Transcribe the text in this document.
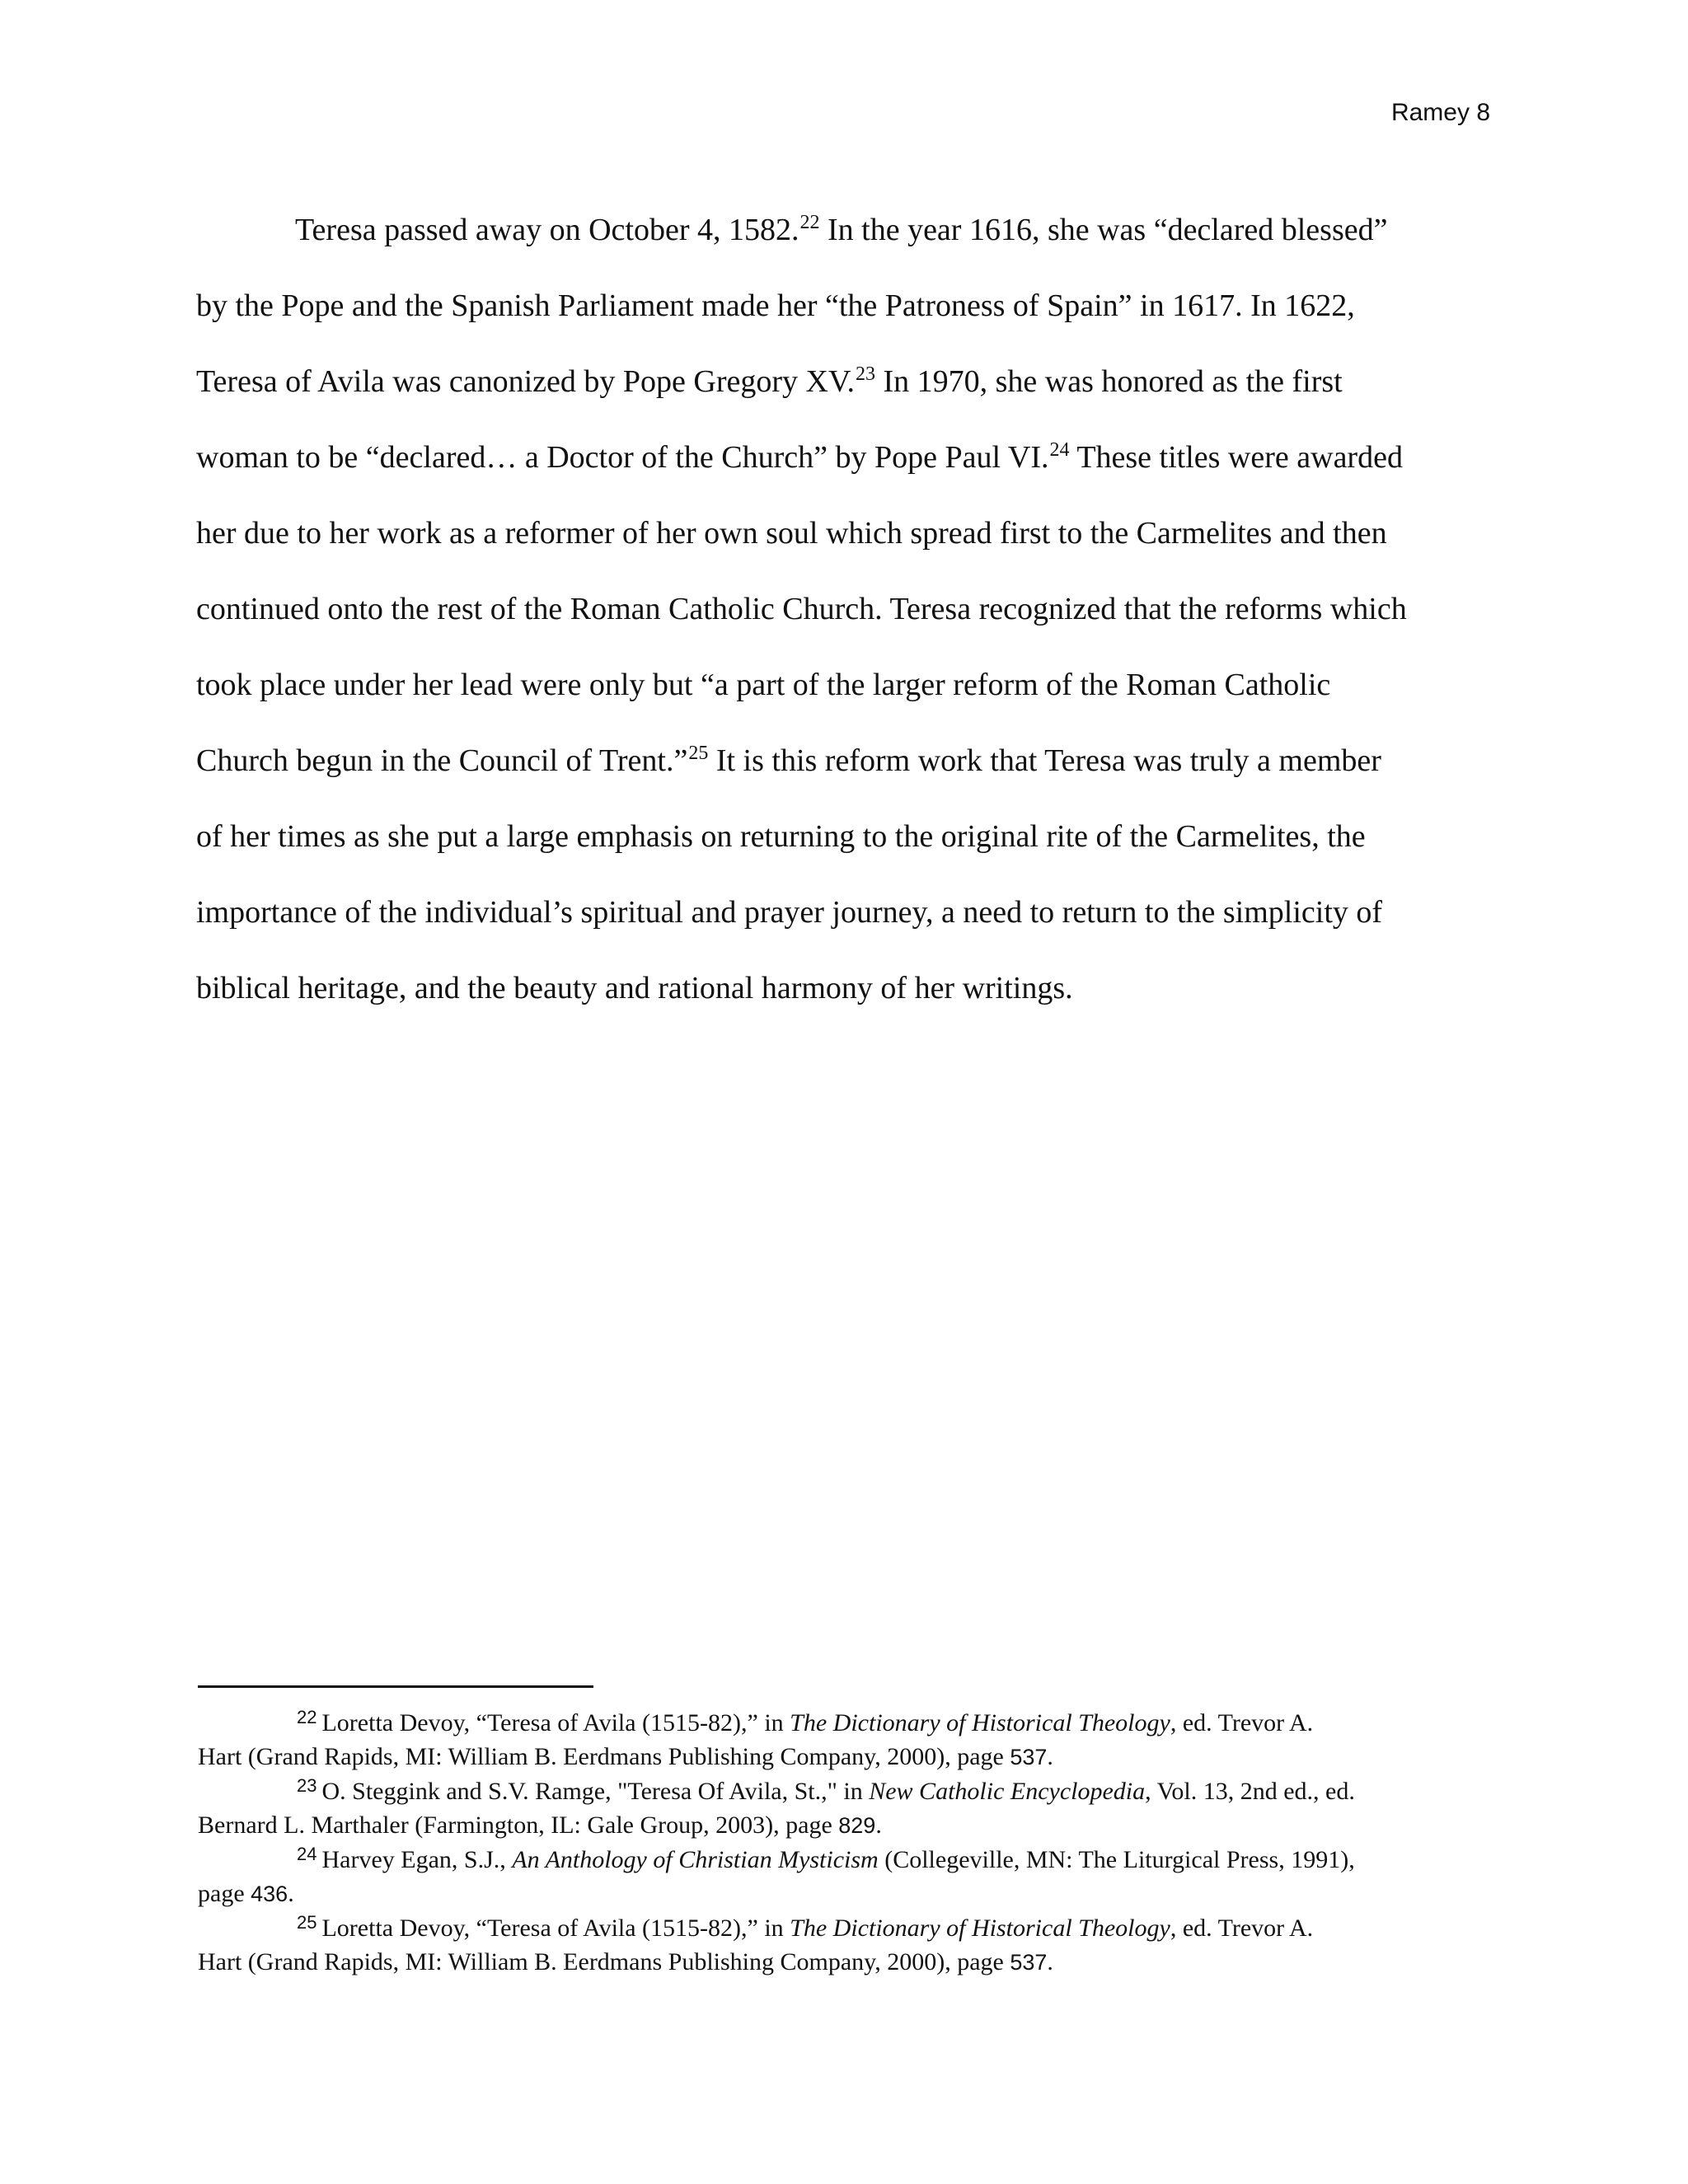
Ramey 8
Teresa passed away on October 4, 1582.22 In the year 1616, she was “declared blessed”
by the Pope and the Spanish Parliament made her “the Patroness of Spain” in 1617. In 1622,
Teresa of Avila was canonized by Pope Gregory XV.$^{23}$ In 1970, she was honored as the first
woman to be “declared… a Doctor of the Church” by Pope Paul VI.$^{24}$ These titles were awarded
her due to her work as a reformer of her own soul which spread first to the Carmelites and then
continued onto the rest of the Roman Catholic Church. Teresa recognized that the reforms which
took place under her lead were only but “a part of the larger reform of the Roman Catholic
Church begun in the Council of Trent.”$^{25}$ It is this reform work that Teresa was truly a member
of her times as she put a large emphasis on returning to the original rite of the Carmelites, the
importance of the individual’s spiritual and prayer journey, a need to return to the simplicity of
biblical heritage, and the beauty and rational harmony of her writings.
$^{22}$ Loretta Devoy, “Teresa of Avila (1515-82),” in The Dictionary of Historical Theology, ed. Trevor A.
Hart (Grand Rapids, MI: William B. Eerdmans Publishing Company, 2000), page 537.
$^{23}$ O. Steggink and S.V. Ramge, "Teresa Of Avila, St.," in New Catholic Encyclopedia, Vol. 13, 2nd ed., ed.
Bernard L. Marthaler (Farmington, IL: Gale Group, 2003), page 829.
$^{24}$ Harvey Egan, S.J., An Anthology of Christian Mysticism (Collegeville, MN: The Liturgical Press, 1991),
page 436.
$^{25}$ Loretta Devoy, “Teresa of Avila (1515-82),” in The Dictionary of Historical Theology, ed. Trevor A.
Hart (Grand Rapids, MI: William B. Eerdmans Publishing Company, 2000), page 537.
